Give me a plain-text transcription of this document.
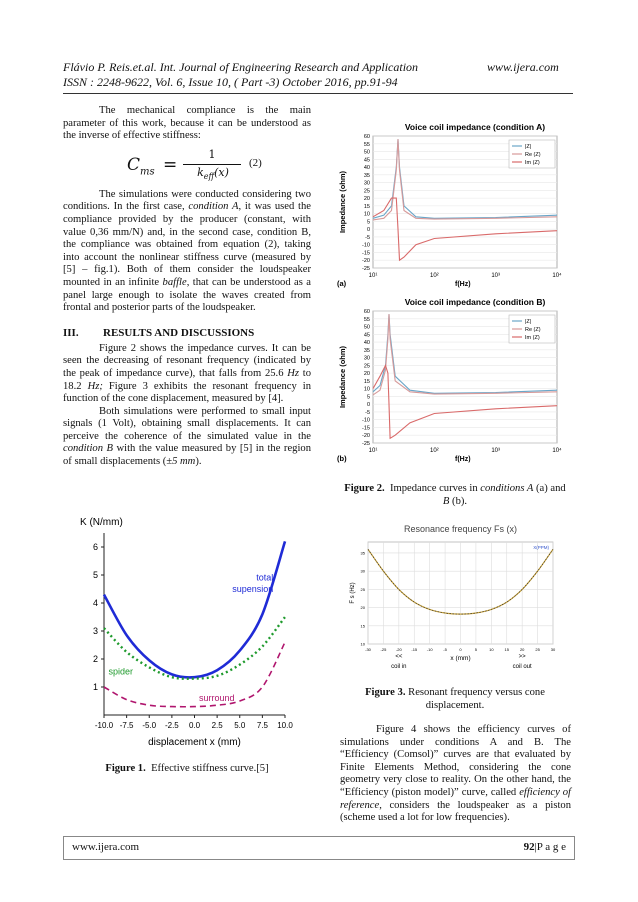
Flávio P. Reis.et.al. Int. Journal of Engineering Research and Application	www.ijera.com
ISSN : 2248-9622, Vol. 6, Issue 10, ( Part -3) October 2016, pp.91-94

The mechanical compliance is the main parameter of this work, because it can be understood as the inverse of effective stiffness:

$C_{ms}$ =
1
$k_{eff}(x)$
(2)

The simulations were conducted considering two conditions. In the first case, condition A, it was used the compliance provided by the producer (constant, with value 0,36 mm/N) and, in the second case, condition B, the compliance was obtained from equation (2), taking into account the nonlinear stiffness curve (measured by [5] – fig.1). Both of them consider the loudspeaker mounted in an infinite baffle, that can be understood as a panel large enough to isolate the waves created from frontal and posterior parts of the loudspeaker.

III. RESULTS AND DISCUSSIONS

Figure 2 shows the impedance curves. It can be seen the decreasing of resonant frequency (indicated by the peak of impedance curve), that falls from 25.6 Hz to 18.2 Hz; Figure 3 exhibits the resonant frequency in function of the cone displacement, measured by [4].

Both simulations were performed to small input signals (1 Volt), obtaining small displacements. It can perceive the coherence of the simulated value in the condition B with the value measured by [5] in the region of small displacements (±5 mm).

K (N/mm)
1
2
3
4
5
6
-10.0 -7.5 -5.0 -2.5 0.0 2.5 5.0 7.5 10.0
displacement x (mm)
total
supension
spider
surround
Figure 1. Effective stiffness curve.[5]
Voice coil impedance (condition A)
60
55
50
45
40
35
30
25
20
15
10
5
0
-5
-10
-15
-20
-25
10¹	10²	10³	10⁴
Impedance (ohm)
f(Hz)
(a)
|Z|
Re (Z)
Im (Z)
Voice coil impedance (condition B)
60
55
50
45
40
35
30
25
20
15
10
5
0
-5
-10
-15
-20
-25
10¹	10²	10³	10⁴
Impedance (ohm)
f(Hz)
(b)
|Z|
Re (Z)
Im (Z)
Figure 2. Impedance curves in conditions A (a) and B (b).
Resonance frequency Fs (x)
-30 -25 -20 -15 -10	-5	0	5	10	15	20	25	30
35
30
25
20
15
10
F s (Hz)
X(PPM)
x (mm)
<<
coil in
>>
coil out
Figure 3. Resonant frequency versus cone displacement.

Figure 4 shows the efficiency curves of simulations under conditions A and B. The “Efficiency (Comsol)” curves are that evaluated by Finite Elements Method, considering the cone geometry very close to reality. On the other hand, the “Efficiency (piston model)” curve, called efficiency of reference, considers the loudspeaker as a piston (scheme used a lot for low frequencies).

www.ijera.com	92|P a g e
